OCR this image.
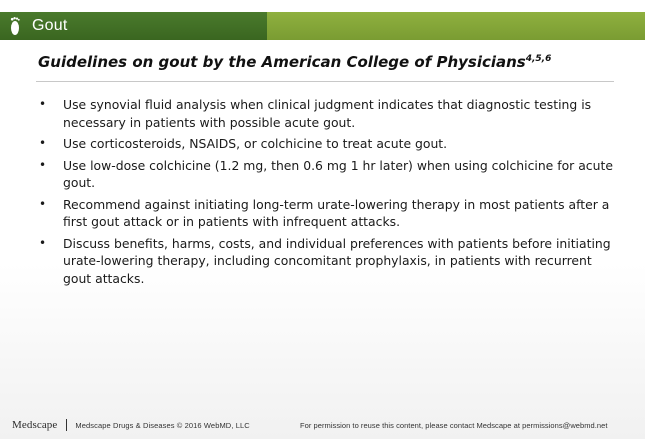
Gout
Guidelines on gout by the American College of Physicians$^{4,5,6}$
• Use synovial fluid analysis when clinical judgment indicates that diagnostic testing is necessary in patients with possible acute gout.
• Use corticosteroids, NSAIDS, or colchicine to treat acute gout.
• Use low-dose colchicine (1.2 mg, then 0.6 mg 1 hr later) when using colchicine for acute gout.
• Recommend against initiating long-term urate-lowering therapy in most patients after a first gout attack or in patients with infrequent attacks.
• Discuss benefits, harms, costs, and individual preferences with patients before initiating urate-lowering therapy, including concomitant prophylaxis, in patients with recurrent gout attacks.
Medscape Medscape Drugs & Diseases © 2016 WebMD, LLC	For permission to reuse this content, please contact Medscape at permissions@webmd.net
